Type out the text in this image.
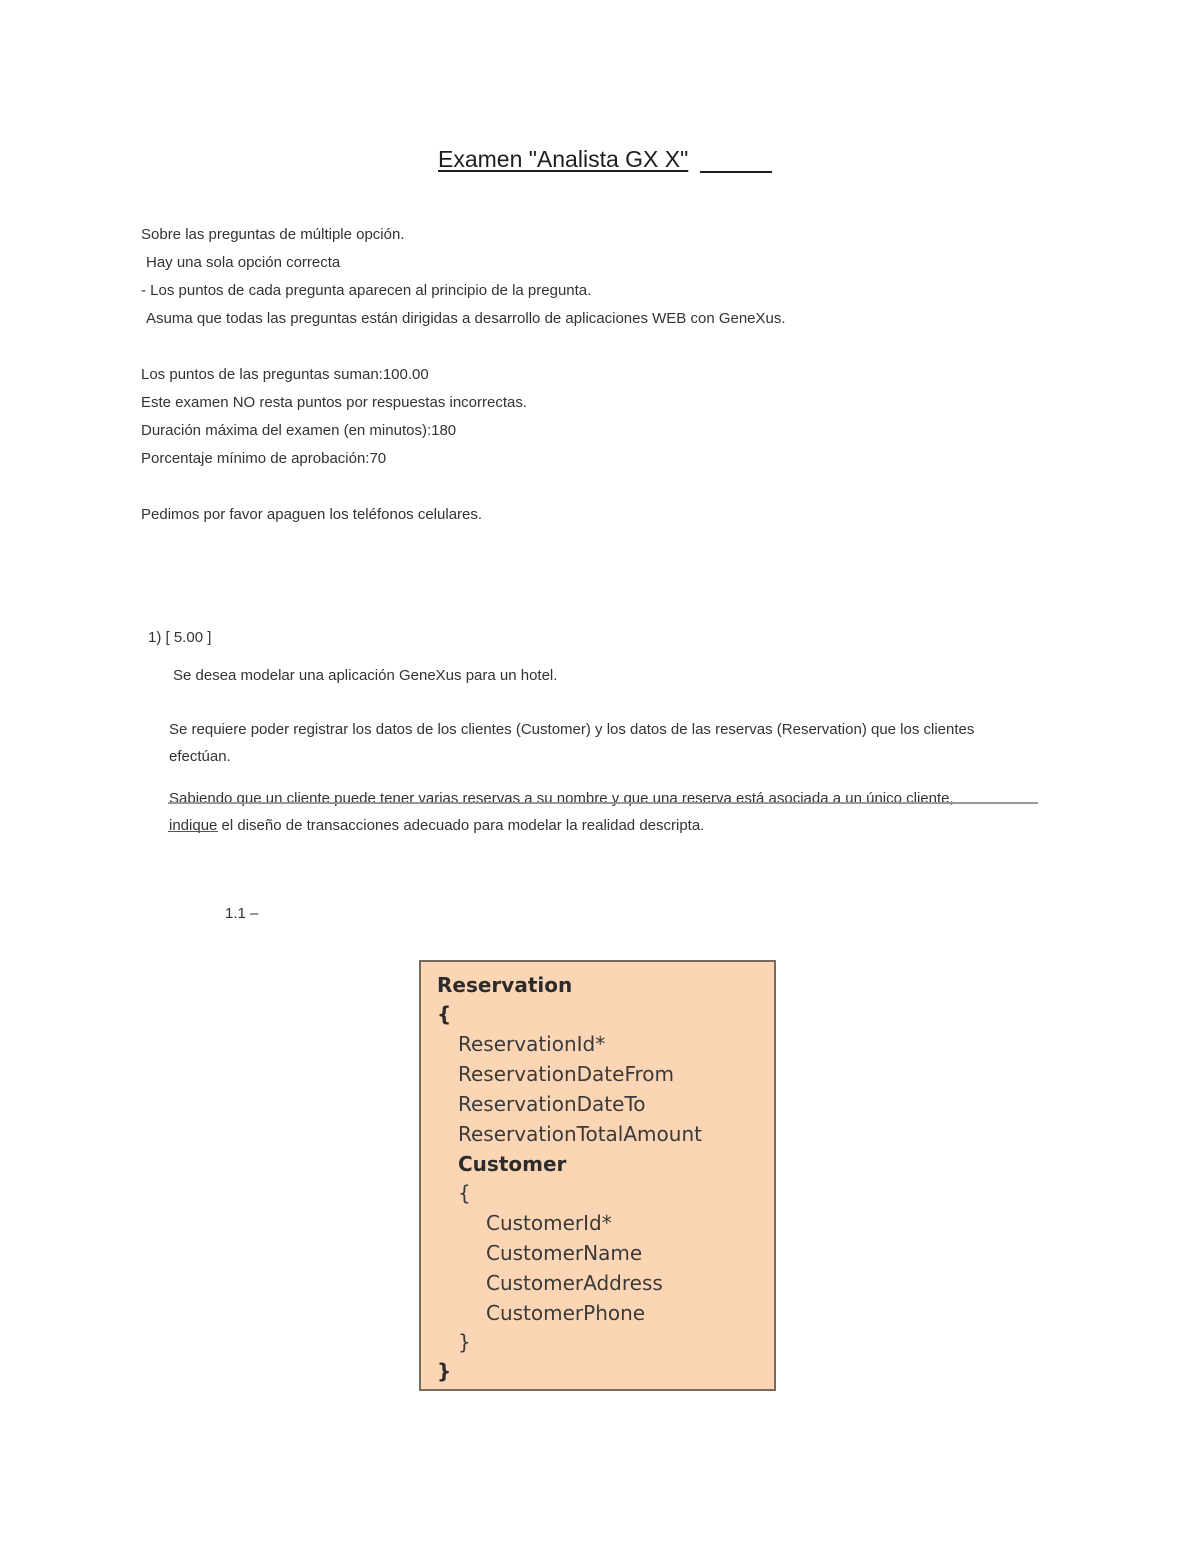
Examen "Analista GX X"
Sobre las preguntas de múltiple opción.
Hay una sola opción correcta
- Los puntos de cada pregunta aparecen al principio de la pregunta.
Asuma que todas las preguntas están dirigidas a desarrollo de aplicaciones WEB con GeneXus.
Los puntos de las preguntas suman:100.00
Este examen NO resta puntos por respuestas incorrectas.
Duración máxima del examen (en minutos):180
Porcentaje mínimo de aprobación:70
Pedimos por favor apaguen los teléfonos celulares.
1) [ 5.00 ]
Se desea modelar una aplicación GeneXus para un hotel.
Se requiere poder registrar los datos de los clientes (Customer) y los datos de las reservas (Reservation) que los clientes efectúan.
Sabiendo que un cliente puede tener varias reservas a su nombre y que una reserva está asociada a un único cliente, indique el diseño de transacciones adecuado para modelar la realidad descripta.
1.1 –
Reservation
{
ReservationId*
ReservationDateFrom
ReservationDateTo
ReservationTotalAmount
Customer
{
CustomerId*
CustomerName
CustomerAddress
CustomerPhone
}
}
